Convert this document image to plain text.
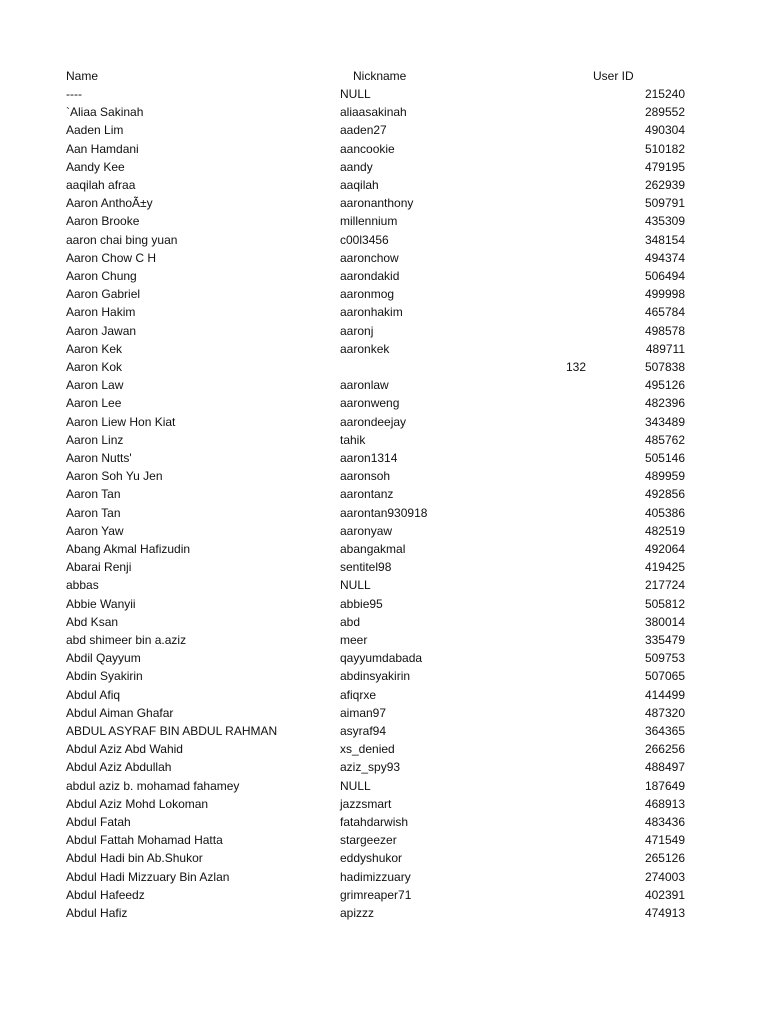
Name	Nickname	User ID
----	NULL	215240
`Aliaa Sakinah	aliaasakinah	289552
Aaden Lim	aaden27	490304
Aan Hamdani	aancookie	510182
Aandy Kee	aandy	479195
aaqilah afraa	aaqilah	262939
Aaron AnthoÃ±y	aaronanthony	509791
Aaron Brooke	millennium	435309
aaron chai bing yuan	c00l3456	348154
Aaron Chow C H	aaronchow	494374
Aaron Chung	aarondakid	506494
Aaron Gabriel	aaronmog	499998
Aaron Hakim	aaronhakim	465784
Aaron Jawan	aaronj	498578
Aaron Kek	aaronkek	489711
Aaron Kok	132	507838
Aaron Law	aaronlaw	495126
Aaron Lee	aaronweng	482396
Aaron Liew Hon Kiat	aarondeejay	343489
Aaron Linz	tahik	485762
Aaron Nutts'	aaron1314	505146
Aaron Soh Yu Jen	aaronsoh	489959
Aaron Tan	aarontanz	492856
Aaron Tan	aarontan930918	405386
Aaron Yaw	aaronyaw	482519
Abang Akmal Hafizudin	abangakmal	492064
Abarai Renji	sentitel98	419425
abbas	NULL	217724
Abbie Wanyii	abbie95	505812
Abd Ksan	abd	380014
abd shimeer bin a.aziz	meer	335479
Abdil Qayyum	qayyumdabada	509753
Abdin Syakirin	abdinsyakirin	507065
Abdul Afiq	afiqrxe	414499
Abdul Aiman Ghafar	aiman97	487320
ABDUL ASYRAF BIN ABDUL RAHMAN	asyraf94	364365
Abdul Aziz Abd Wahid	xs_denied	266256
Abdul Aziz Abdullah	aziz_spy93	488497
abdul aziz b. mohamad fahamey	NULL	187649
Abdul Aziz Mohd Lokoman	jazzsmart	468913
Abdul Fatah	fatahdarwish	483436
Abdul Fattah Mohamad Hatta	stargeezer	471549
Abdul Hadi bin Ab.Shukor	eddyshukor	265126
Abdul Hadi Mizzuary Bin Azlan	hadimizzuary	274003
Abdul Hafeedz	grimreaper71	402391
Abdul Hafiz	apizzz	474913
